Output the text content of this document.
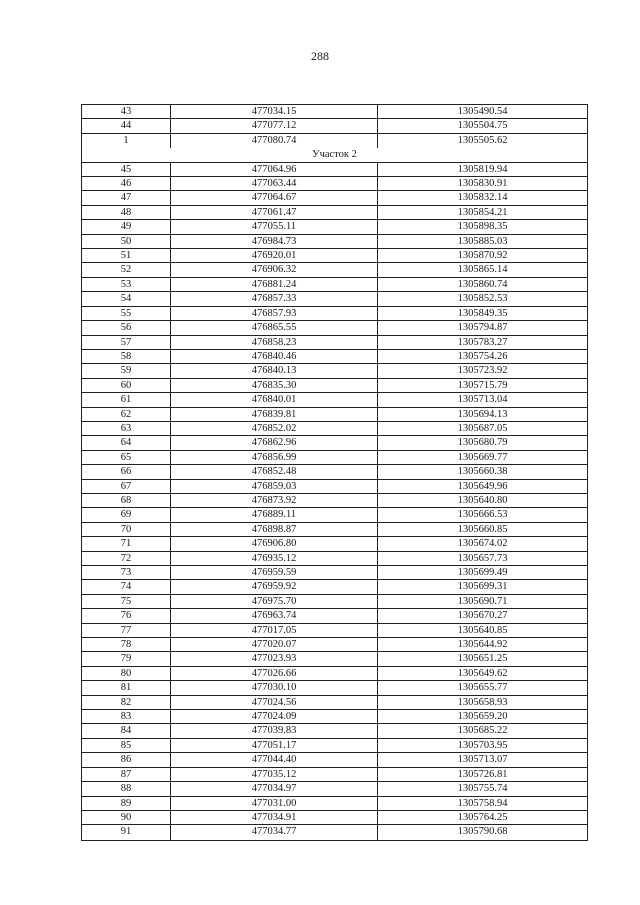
288
43	477034.15	1305490.54
44	477077.12	1305504.75
1	477080.74	1305505.62
Участок 2
45	477064.96	1305819.94
46	477063.44	1305830.91
47	477064.67	1305832.14
48	477061.47	1305854.21
49	477055.11	1305898.35
50	476984.73	1305885.03
51	476920.01	1305870.92
52	476906.32	1305865.14
53	476881.24	1305860.74
54	476857.33	1305852.53
55	476857.93	1305849.35
56	476865.55	1305794.87
57	476858.23	1305783.27
58	476840.46	1305754.26
59	476840.13	1305723.92
60	476835.30	1305715.79
61	476840.01	1305713.04
62	476839.81	1305694.13
63	476852.02	1305687.05
64	476862.96	1305680.79
65	476856.99	1305669.77
66	476852.48	1305660.38
67	476859.03	1305649.96
68	476873.92	1305640.80
69	476889.11	1305666.53
70	476898.87	1305660.85
71	476906.80	1305674.02
72	476935.12	1305657.73
73	476959.59	1305699.49
74	476959.92	1305699.31
75	476975.70	1305690.71
76	476963.74	1305670.27
77	477017.05	1305640.85
78	477020.07	1305644.92
79	477023.93	1305651.25
80	477026.66	1305649.62
81	477030.10	1305655.77
82	477024.56	1305658.93
83	477024.09	1305659.20
84	477039.83	1305685.22
85	477051.17	1305703.95
86	477044.40	1305713.07
87	477035.12	1305726.81
88	477034.97	1305755.74
89	477031.00	1305758.94
90	477034.91	1305764.25
91	477034.77	1305790.68
